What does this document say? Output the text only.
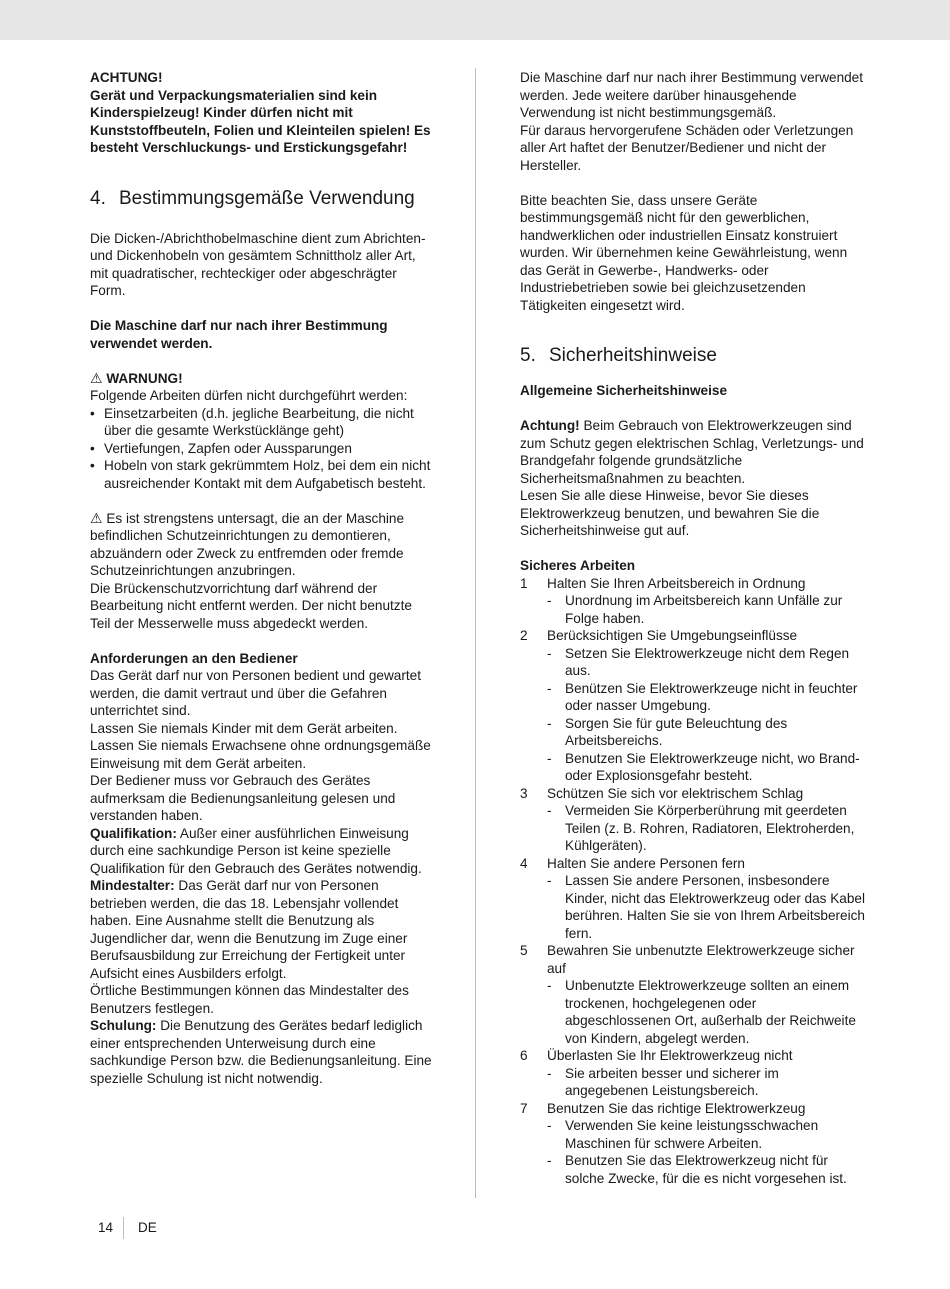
ACHTUNG!

Gerät und Verpackungsmaterialien sind kein Kinderspielzeug! Kinder dürfen nicht mit Kunststoffbeuteln, Folien und Kleinteilen spielen! Es besteht Verschluckungs- und Erstickungsgefahr!

4. Bestimmungsgemäße Verwendung

Die Dicken-/Abrichthobelmaschine dient zum Abrichten- und Dickenhobeln von gesämtem Schnittholz aller Art, mit quadratischer, rechteckiger oder abgeschrägter Form.

Die Maschine darf nur nach ihrer Bestimmung verwendet werden.

⚠ WARNUNG!

Folgende Arbeiten dürfen nicht durchgeführt werden:

• Einsetzarbeiten (d.h. jegliche Bearbeitung, die nicht über die gesamte Werkstücklänge geht)
• Vertiefungen, Zapfen oder Aussparungen
• Hobeln von stark gekrümmtem Holz, bei dem ein nicht ausreichender Kontakt mit dem Aufgabetisch besteht.

⚠ Es ist strengstens untersagt, die an der Maschine befindlichen Schutzeinrichtungen zu demontieren, abzuändern oder Zweck zu entfremden oder fremde Schutzeinrichtungen anzubringen.

Die Brückenschutzvorrichtung darf während der Bearbeitung nicht entfernt werden. Der nicht benutzte Teil der Messerwelle muss abgedeckt werden.

Anforderungen an den Bediener

Das Gerät darf nur von Personen bedient und gewartet werden, die damit vertraut und über die Gefahren unterrichtet sind.

Lassen Sie niemals Kinder mit dem Gerät arbeiten.

Lassen Sie niemals Erwachsene ohne ordnungsgemäße Einweisung mit dem Gerät arbeiten.

Der Bediener muss vor Gebrauch des Gerätes aufmerksam die Bedienungsanleitung gelesen und verstanden haben.

Qualifikation: Außer einer ausführlichen Einweisung durch eine sachkundige Person ist keine spezielle Qualifikation für den Gebrauch des Gerätes notwendig.

Mindestalter: Das Gerät darf nur von Personen betrieben werden, die das 18. Lebensjahr vollendet haben. Eine Ausnahme stellt die Benutzung als Jugendlicher dar, wenn die Benutzung im Zuge einer Berufsausbildung zur Erreichung der Fertigkeit unter Aufsicht eines Ausbilders erfolgt.

Örtliche Bestimmungen können das Mindestalter des Benutzers festlegen.

Schulung: Die Benutzung des Gerätes bedarf lediglich einer entsprechenden Unterweisung durch eine sachkundige Person bzw. die Bedienungsanleitung. Eine spezielle Schulung ist nicht notwendig.

Die Maschine darf nur nach ihrer Bestimmung verwendet werden. Jede weitere darüber hinausgehende Verwendung ist nicht bestimmungsgemäß.

Für daraus hervorgerufene Schäden oder Verletzungen aller Art haftet der Benutzer/Bediener und nicht der Hersteller.

Bitte beachten Sie, dass unsere Geräte bestimmungsgemäß nicht für den gewerblichen, handwerklichen oder industriellen Einsatz konstruiert wurden. Wir übernehmen keine Gewährleistung, wenn das Gerät in Gewerbe-, Handwerks- oder Industriebetrieben sowie bei gleichzusetzenden Tätigkeiten eingesetzt wird.

5. Sicherheitshinweise

Allgemeine Sicherheitshinweise

Achtung! Beim Gebrauch von Elektrowerkzeugen sind zum Schutz gegen elektrischen Schlag, Verletzungs- und Brandgefahr folgende grundsätzliche Sicherheitsmaßnahmen zu beachten.

Lesen Sie alle diese Hinweise, bevor Sie dieses Elektrowerkzeug benutzen, und bewahren Sie die Sicherheitshinweise gut auf.

Sicheres Arbeiten

1	Halten Sie Ihren Arbeitsbereich in Ordnung
- Unordnung im Arbeitsbereich kann Unfälle zur Folge haben.
2	Berücksichtigen Sie Umgebungseinflüsse
- Setzen Sie Elektrowerkzeuge nicht dem Regen aus.
- Benützen Sie Elektrowerkzeuge nicht in feuchter oder nasser Umgebung.
- Sorgen Sie für gute Beleuchtung des Arbeitsbereichs.
- Benutzen Sie Elektrowerkzeuge nicht, wo Brand- oder Explosionsgefahr besteht.
3	Schützen Sie sich vor elektrischem Schlag
- Vermeiden Sie Körperberührung mit geerdeten Teilen (z. B. Rohren, Radiatoren, Elektroherden, Kühlgeräten).
4	Halten Sie andere Personen fern
- Lassen Sie andere Personen, insbesondere Kinder, nicht das Elektrowerkzeug oder das Kabel berühren. Halten Sie sie von Ihrem Arbeitsbereich fern.
5	Bewahren Sie unbenutzte Elektrowerkzeuge sicher auf
- Unbenutzte Elektrowerkzeuge sollten an einem trockenen, hochgelegenen oder abgeschlossenen Ort, außerhalb der Reichweite von Kindern, abgelegt werden.
6	Überlasten Sie Ihr Elektrowerkzeug nicht
- Sie arbeiten besser und sicherer im angegebenen Leistungsbereich.
7	Benutzen Sie das richtige Elektrowerkzeug
- Verwenden Sie keine leistungsschwachen Maschinen für schwere Arbeiten.
- Benutzen Sie das Elektrowerkzeug nicht für solche Zwecke, für die es nicht vorgesehen ist.
14 DE
